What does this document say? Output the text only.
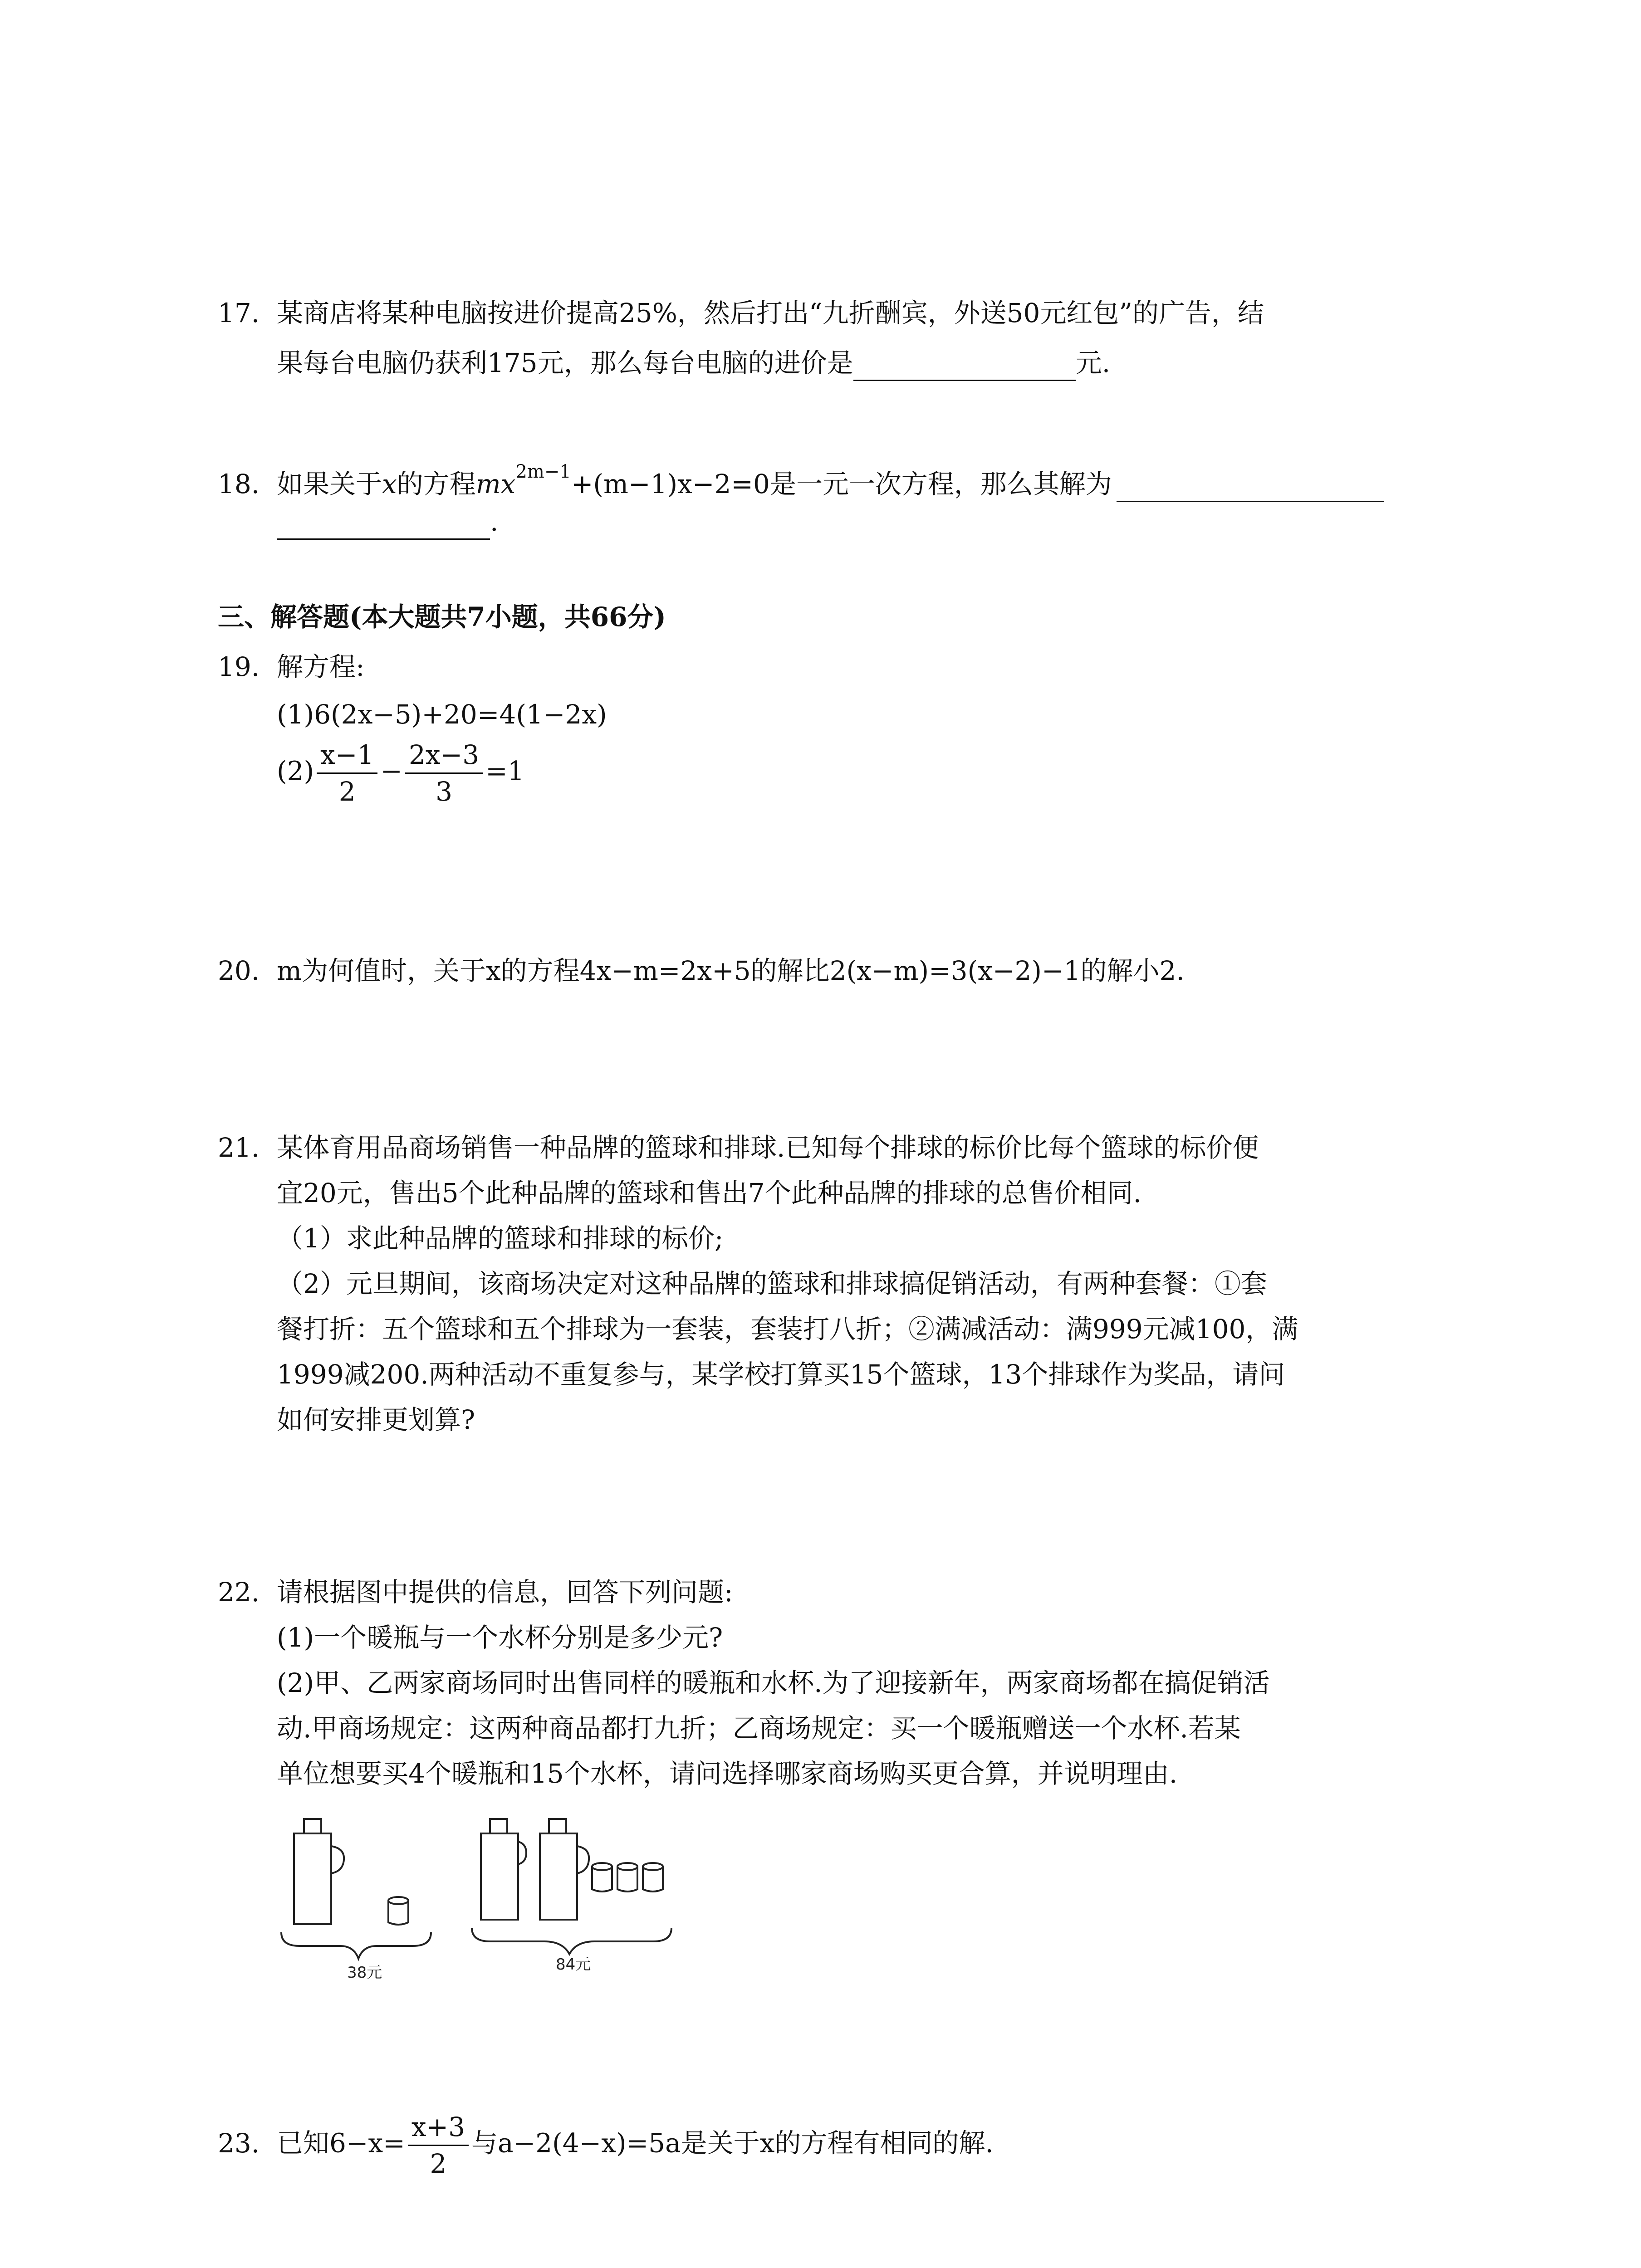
17. 某商店将某种电脑按进价提高25%，然后打出“九折酬宾，外送50元红包”的广告，结
果每台电脑仍获利175元，那么每台电脑的进价是	元.
18. 如果关于x的方程$mx^{2m-1}+(m-1)x-2=0$是一元一次方程，那么其解为
.
三、解答题(本大题共7小题，共66分)
19. 解方程:
(1)6(2x−5)+20=4(1−2x)
$(2) \frac{x-1}{2} - \frac{2x-3}{3} =1$
20. m为何值时，关于x的方程4x−m=2x+5的解比2(x−m)=3(x−2)−1的解小2.
21. 某体育用品商场销售一种品牌的篮球和排球.已知每个排球的标价比每个篮球的标价便
宜20元，售出5个此种品牌的篮球和售出7个此种品牌的排球的总售价相同.
（1）求此种品牌的篮球和排球的标价;
（2）元旦期间，该商场决定对这种品牌的篮球和排球搞促销活动，有两种套餐：①套
餐打折：五个篮球和五个排球为一套装，套装打八折；②满减活动：满999元减100，满
1999减200.两种活动不重复参与，某学校打算买15个篮球，13个排球作为奖品，请问
如何安排更划算?
22. 请根据图中提供的信息，回答下列问题:
(1)一个暖瓶与一个水杯分别是多少元?
(2)甲、乙两家商场同时出售同样的暖瓶和水杯.为了迎接新年，两家商场都在搞促销活
动.甲商场规定：这两种商品都打九折；乙商场规定：买一个暖瓶赠送一个水杯.若某
单位想要买4个暖瓶和15个水杯，请问选择哪家商场购买更合算，并说明理由.
38元	84元
23. 已知$6-x= \frac{x+3}{2}$ 与a−2(4−x)=5a是关于x的方程有相同的解.
